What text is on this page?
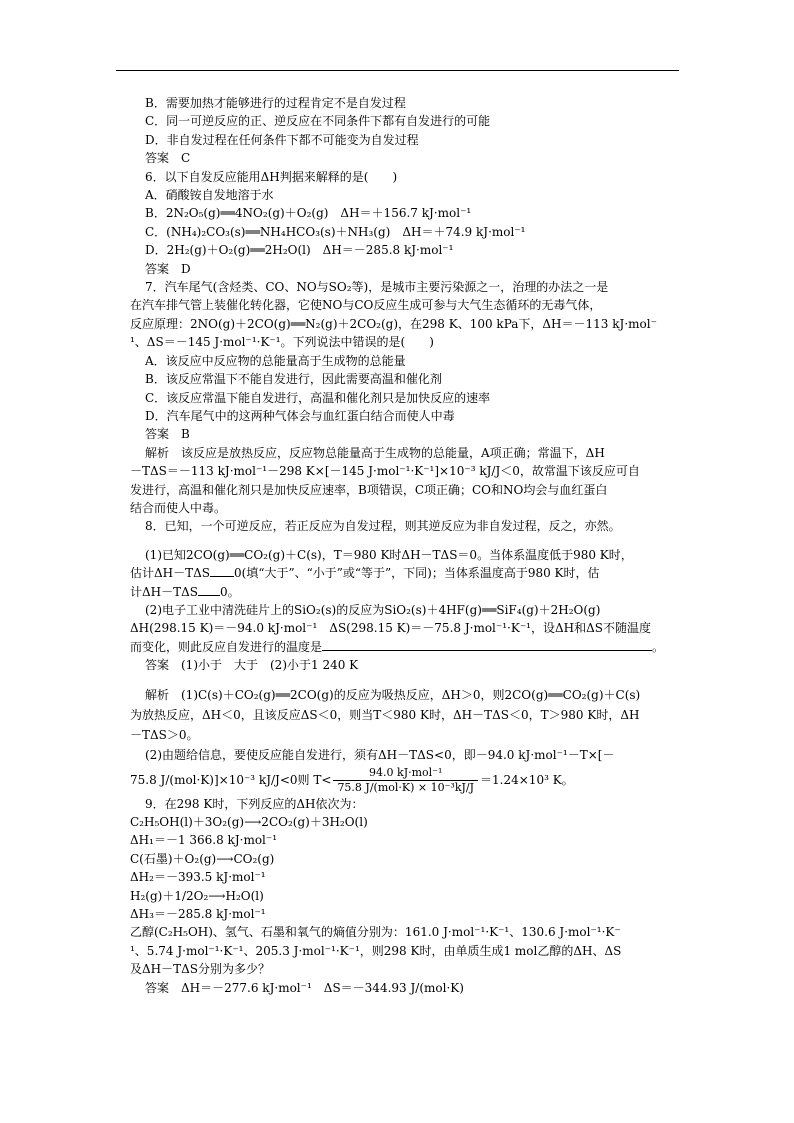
B．需要加热才能够进行的过程肯定不是自发过程
C．同一可逆反应的正、逆反应在不同条件下都有自发进行的可能
D．非自发过程在任何条件下都不可能变为自发过程
答案　C
6．以下自发反应能用ΔH判据来解释的是(　　)
A．硝酸铵自发地溶于水
B．2N₂O₅(g)══4NO₂(g)＋O₂(g)　ΔH＝＋156.7 kJ·mol⁻¹
C．(NH₄)₂CO₃(s)══NH₄HCO₃(s)＋NH₃(g)　ΔH＝＋74.9 kJ·mol⁻¹
D．2H₂(g)＋O₂(g)══2H₂O(l)　ΔH＝－285.8 kJ·mol⁻¹
答案　D
7．汽车尾气(含烃类、CO、NO与SO₂等)，是城市主要污染源之一，治理的办法之一是
在汽车排气管上装催化转化器，它使NO与CO反应生成可参与大气生态循环的无毒气体，
反应原理：2NO(g)＋2CO(g)══N₂(g)＋2CO₂(g)，在298 K、100 kPa下，ΔH＝－113 kJ·mol⁻
¹、ΔS＝－145 J·mol⁻¹·K⁻¹。下列说法中错误的是(　　)
A．该反应中反应物的总能量高于生成物的总能量
B．该反应常温下不能自发进行，因此需要高温和催化剂
C．该反应常温下能自发进行，高温和催化剂只是加快反应的速率
D．汽车尾气中的这两种气体会与血红蛋白结合而使人中毒
答案　B
解析　该反应是放热反应，反应物总能量高于生成物的总能量，A项正确；常温下，ΔH
－TΔS＝－113 kJ·mol⁻¹－298 K×[－145 J·mol⁻¹·K⁻¹]×10⁻³ kJ/J＜0，故常温下该反应可自
发进行，高温和催化剂只是加快反应速率，B项错误，C项正确；CO和NO均会与血红蛋白
结合而使人中毒。
8．已知，一个可逆反应，若正反应为自发过程，则其逆反应为非自发过程，反之，亦然。
(1)已知2CO(g)══CO₂(g)＋C(s)，T＝980 K时ΔH－TΔS＝0。当体系温度低于980 K时，
估计ΔH－TΔS 0(填“大于”、“小于”或“等于”，下同)；当体系温度高于980 K时，估
计ΔH－TΔS 0。
(2)电子工业中清洗硅片上的SiO₂(s)的反应为SiO₂(s)＋4HF(g)══SiF₄(g)＋2H₂O(g)
ΔH(298.15 K)＝－94.0 kJ·mol⁻¹　ΔS(298.15 K)＝－75.8 J·mol⁻¹·K⁻¹，设ΔH和ΔS不随温度
而变化，则此反应自发进行的温度是	。
答案　(1)小于　大于　(2)小于1 240 K
解析　(1)C(s)＋CO₂(g)══2CO(g)的反应为吸热反应，ΔH＞0，则2CO(g)══CO₂(g)＋C(s)
为放热反应，ΔH＜0，且该反应ΔS＜0，则当T＜980 K时，ΔH－TΔS＜0，T＞980 K时，ΔH
－TΔS＞0。
(2)由题给信息，要使反应能自发进行，须有ΔH－TΔS<0，即－94.0 kJ·mol⁻¹－T×[－
75.8 J/(mol·K)]×10⁻³ kJ/J<0则 $T< \frac{\text{94.0 kJ·mol⁻¹}}{\text{75.8 J/(mol·K) × 10⁻³kJ/J}} =1.24\times 10^3$ K。
9．在298 K时，下列反应的ΔH依次为：
C₂H₅OH(l)＋3O₂(g)⟶2CO₂(g)＋3H₂O(l)
ΔH₁＝－1 366.8 kJ·mol⁻¹
C(石墨)＋O₂(g)⟶CO₂(g)
ΔH₂＝－393.5 kJ·mol⁻¹
H₂(g)＋1/2O₂⟶H₂O(l)
ΔH₃＝－285.8 kJ·mol⁻¹
乙醇(C₂H₅OH)、氢气、石墨和氧气的熵值分别为：161.0 J·mol⁻¹·K⁻¹、130.6 J·mol⁻¹·K⁻
¹、5.74 J·mol⁻¹·K⁻¹、205.3 J·mol⁻¹·K⁻¹，则298 K时，由单质生成1 mol乙醇的ΔH、ΔS
及ΔH－TΔS分别为多少？
答案　ΔH＝－277.6 kJ·mol⁻¹　ΔS＝－344.93 J/(mol·K)
